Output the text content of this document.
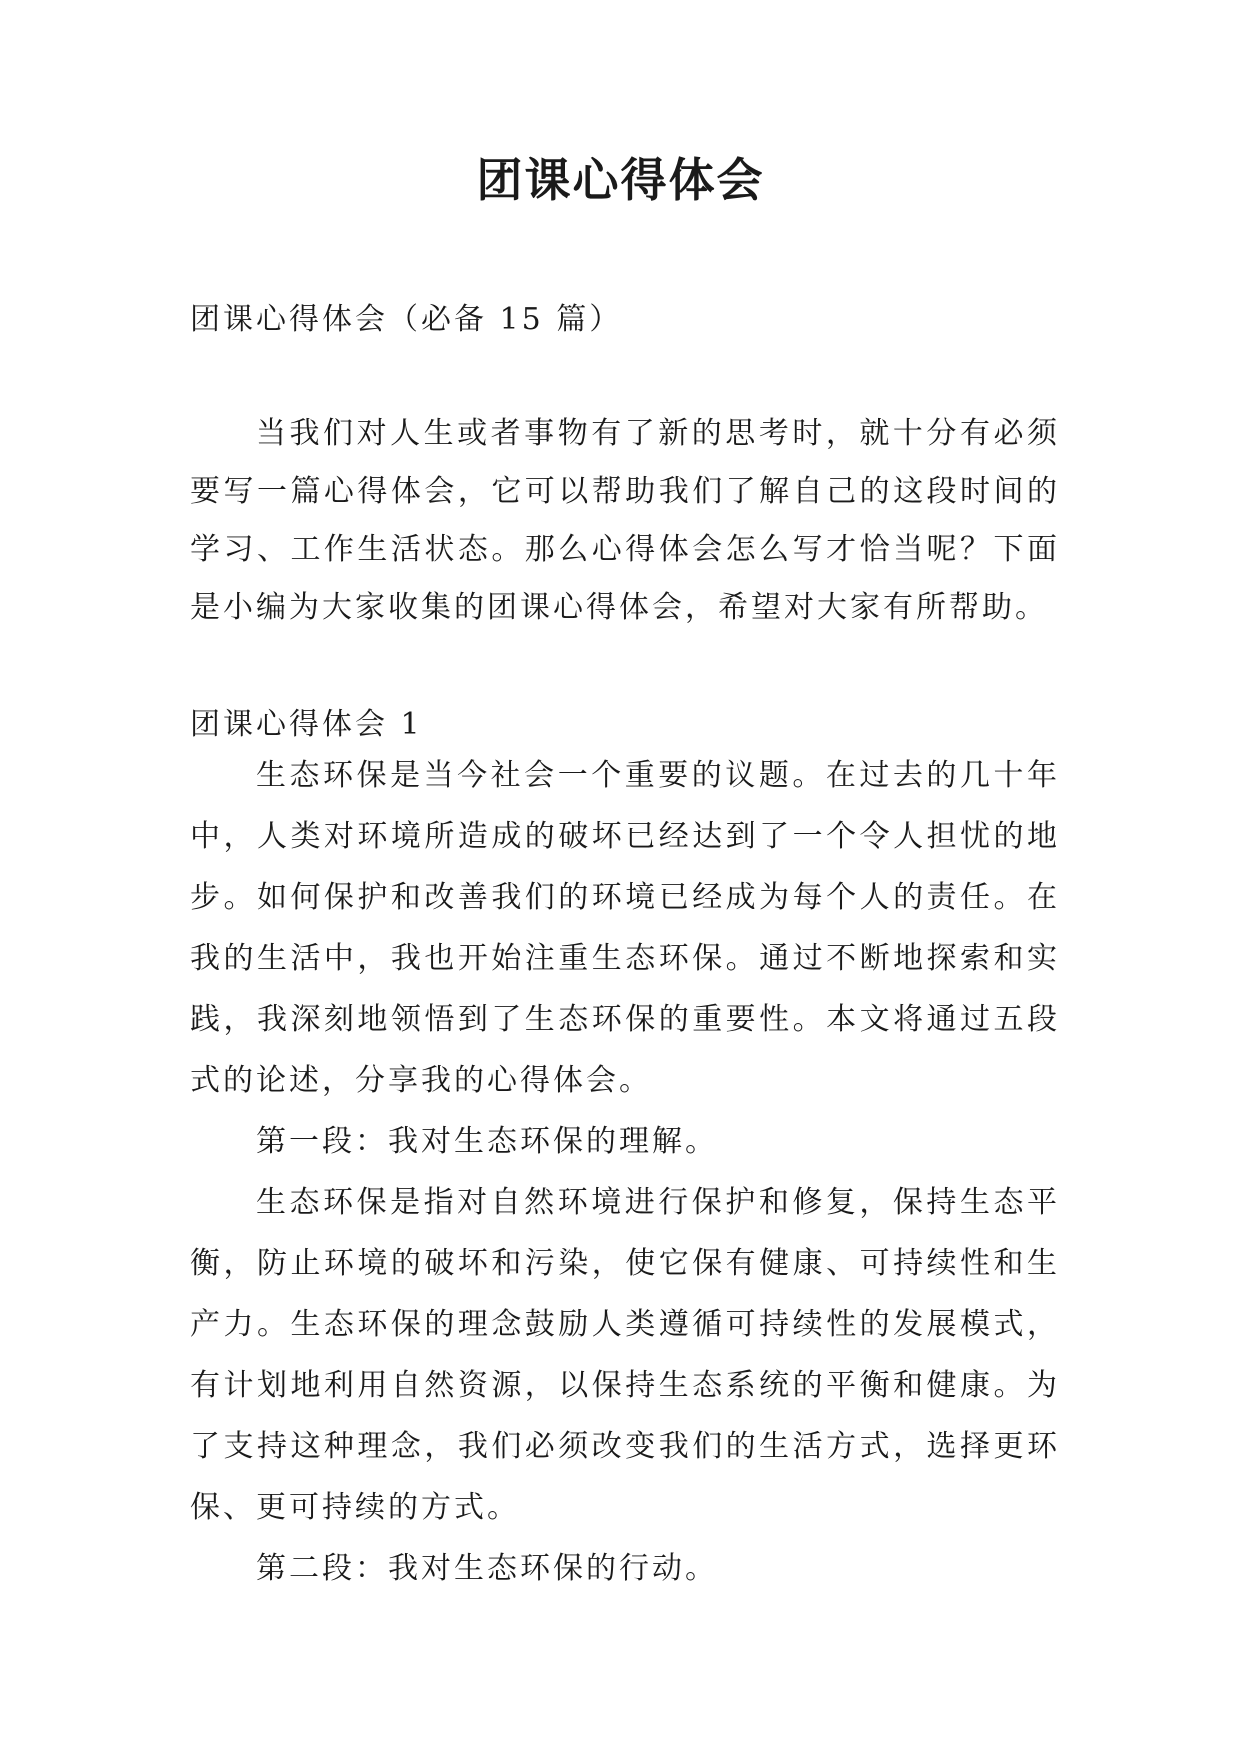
团课心得体会
团课心得体会（必备 15 篇）

当我们对人生或者事物有了新的思考时，就十分有必须要写一篇心得体会，它可以帮助我们了解自己的这段时间的学习、工作生活状态。那么心得体会怎么写才恰当呢？下面是小编为大家收集的团课心得体会，希望对大家有所帮助。

团课心得体会 1

生态环保是当今社会一个重要的议题。在过去的几十年中，人类对环境所造成的破坏已经达到了一个令人担忧的地步。如何保护和改善我们的环境已经成为每个人的责任。在我的生活中，我也开始注重生态环保。通过不断地探索和实践，我深刻地领悟到了生态环保的重要性。本文将通过五段式的论述，分享我的心得体会。

第一段：我对生态环保的理解。

生态环保是指对自然环境进行保护和修复，保持生态平衡，防止环境的破坏和污染，使它保有健康、可持续性和生产力。生态环保的理念鼓励人类遵循可持续性的发展模式，有计划地利用自然资源，以保持生态系统的平衡和健康。为了支持这种理念，我们必须改变我们的生活方式，选择更环保、更可持续的方式。

第二段：我对生态环保的行动。
